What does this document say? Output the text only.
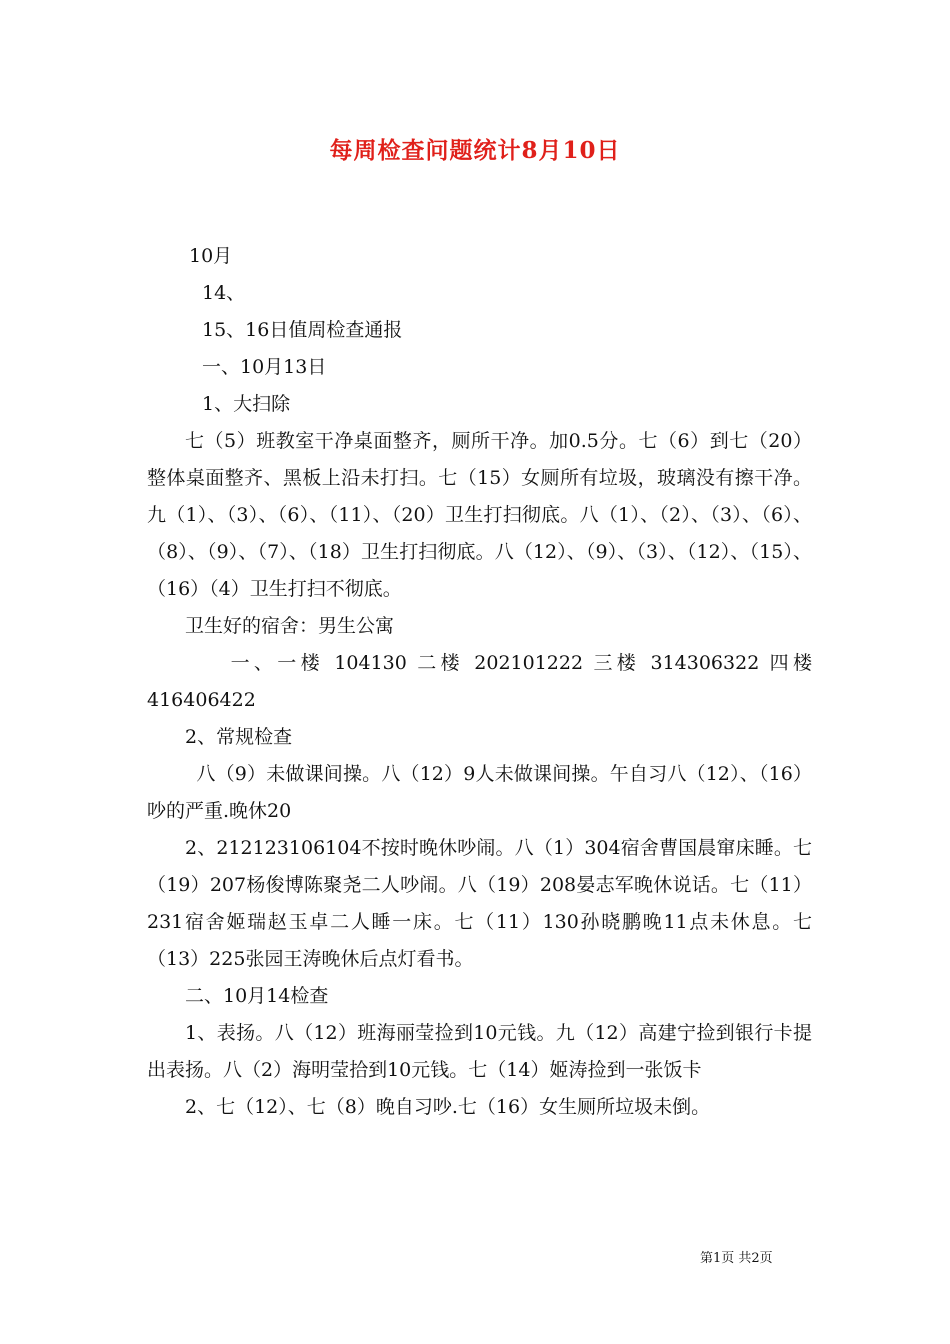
每周检查问题统计8月10日

10月

14、

15、16日值周检查通报

一、10月13日

1、大扫除

七（5）班教室干净桌面整齐，厕所干净。加0.5分。七（6）到七（20）整体桌面整齐、黑板上沿未打扫。七（15）女厕所有垃圾，玻璃没有擦干净。九（1）、（3）、（6）、（11）、（20）卫生打扫彻底。八（1）、（2）、（3）、（6）、（8）、（9）、（7）、（18）卫生打扫彻底。八（12）、（9）、（3）、（12）、（15）、（16）（4）卫生打扫不彻底。

卫生好的宿舍：男生公寓

一、一楼 104130 二楼 202101222 三楼 314306322 四楼 416406422

2、常规检查

八（9）未做课间操。八（12）9人未做课间操。午自习八（12）、（16）吵的严重.晚休20

2、212123106104不按时晚休吵闹。八（1）304宿舍曹国晨窜床睡。七（19）207杨俊博陈聚尧二人吵闹。八（19）208晏志军晚休说话。七（11）231宿舍姬瑞赵玉卓二人睡一床。七（11）130孙晓鹏晚11点未休息。七（13）225张园王涛晚休后点灯看书。

二、10月14检查

1、表扬。八（12）班海丽莹捡到10元钱。九（12）高建宁捡到银行卡提出表扬。八（2）海明莹拾到10元钱。七（14）姬涛捡到一张饭卡

2、七（12）、七（8）晚自习吵.七（16）女生厕所垃圾未倒。

第1页 共2页
